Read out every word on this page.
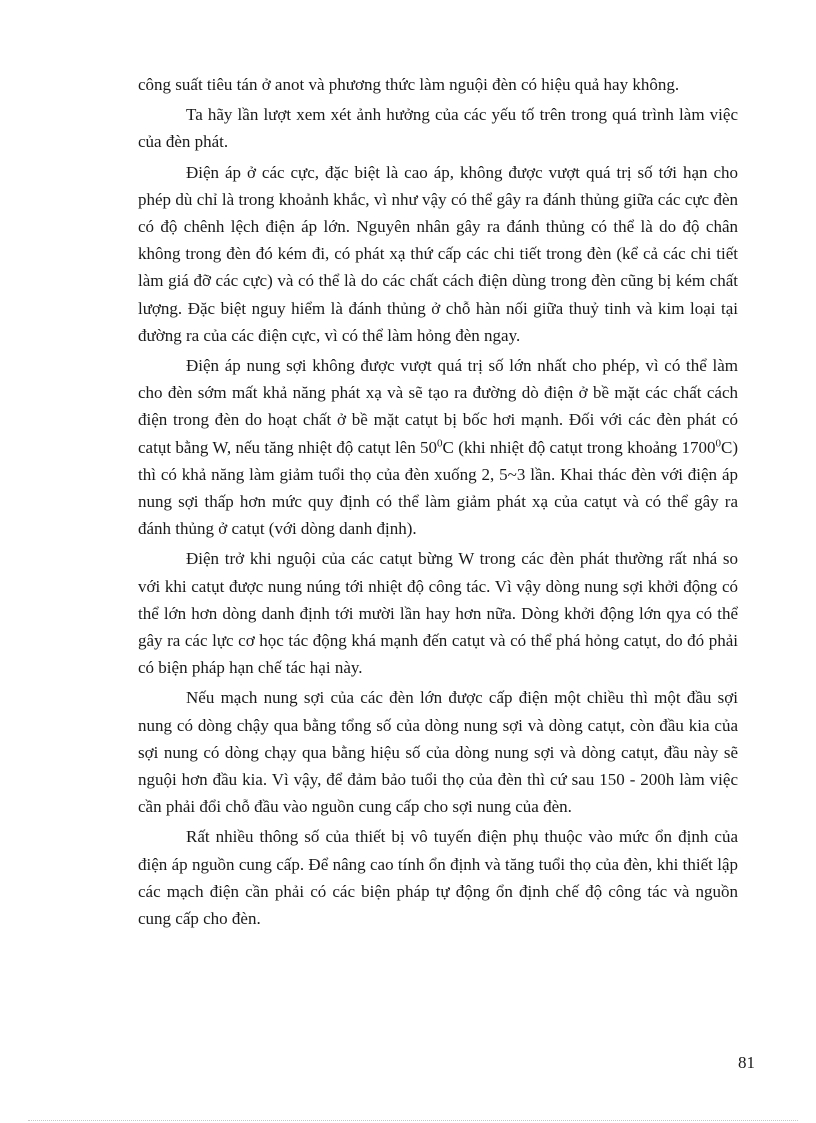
công suất tiêu tán ở anot và phương thức làm nguội đèn có hiệu quả hay không.

Ta hãy lần lượt xem xét ảnh hưởng của các yếu tố trên trong quá trình làm việc của đèn phát.

Điện áp ở các cực, đặc biệt là cao áp, không được vượt quá trị số tới hạn cho phép dù chỉ là trong khoảnh khắc, vì như vậy có thể gây ra đánh thủng giữa các cực đèn có độ chênh lệch điện áp lớn. Nguyên nhân gây ra đánh thủng có thể là do độ chân không trong đèn đó kém đi, có phát xạ thứ cấp các chi tiết trong đèn (kể cả các chi tiết làm giá đỡ các cực) và có thể là do các chất cách điện dùng trong đèn cũng bị kém chất lượng. Đặc biệt nguy hiểm là đánh thủng ở chỗ hàn nối giữa thuỷ tinh và kim loại tại đường ra của các điện cực, vì có thể làm hỏng đèn ngay.

Điện áp nung sợi không được vượt quá trị số lớn nhất cho phép, vì có thể làm cho đèn sớm mất khả năng phát xạ và sẽ tạo ra đường dò điện ở bề mặt các chất cách điện trong đèn do hoạt chất ở bề mặt catụt bị bốc hơi mạnh. Đối với các đèn phát có catụt bằng W, nếu tăng nhiệt độ catụt lên $50^0C$ (khi nhiệt độ catụt trong khoảng 1700$^0$C) thì có khả năng làm giảm tuổi thọ của đèn xuống 2, 5~3 lần. Khai thác đèn với điện áp nung sợi thấp hơn mức quy định có thể làm giảm phát xạ của catụt và có thể gây ra đánh thủng ở catụt (với dòng danh định).

Điện trở khi nguội của các catụt bừng W trong các đèn phát thường rất nhá so với khi catụt được nung núng tới nhiệt độ công tác. Vì vậy dòng nung sợi khởi động có thể lớn hơn dòng danh định tới mười lần hay hơn nữa. Dòng khởi động lớn qya có thể gây ra các lực cơ học tác động khá mạnh đến catụt và có thể phá hỏng catụt, do đó phải có biện pháp hạn chế tác hại này.

Nếu mạch nung sợi của các đèn lớn được cấp điện một chiều thì một đầu sợi nung có dòng chậy qua bằng tổng số của dòng nung sợi và dòng catụt, còn đầu kia của sợi nung có dòng chạy qua bằng hiệu số của dòng nung sợi và dòng catụt, đầu này sẽ nguội hơn đầu kia. Vì vậy, để đảm bảo tuổi thọ của đèn thì cứ sau 150 - 200h làm việc cần phải đổi chỗ đầu vào nguồn cung cấp cho sợi nung của đèn.

Rất nhiều thông số của thiết bị vô tuyến điện phụ thuộc vào mức ổn định của điện áp nguồn cung cấp. Để nâng cao tính ổn định và tăng tuổi thọ của đèn, khi thiết lập các mạch điện cần phải có các biện pháp tự động ổn định chế độ công tác và nguồn cung cấp cho đèn.

81
